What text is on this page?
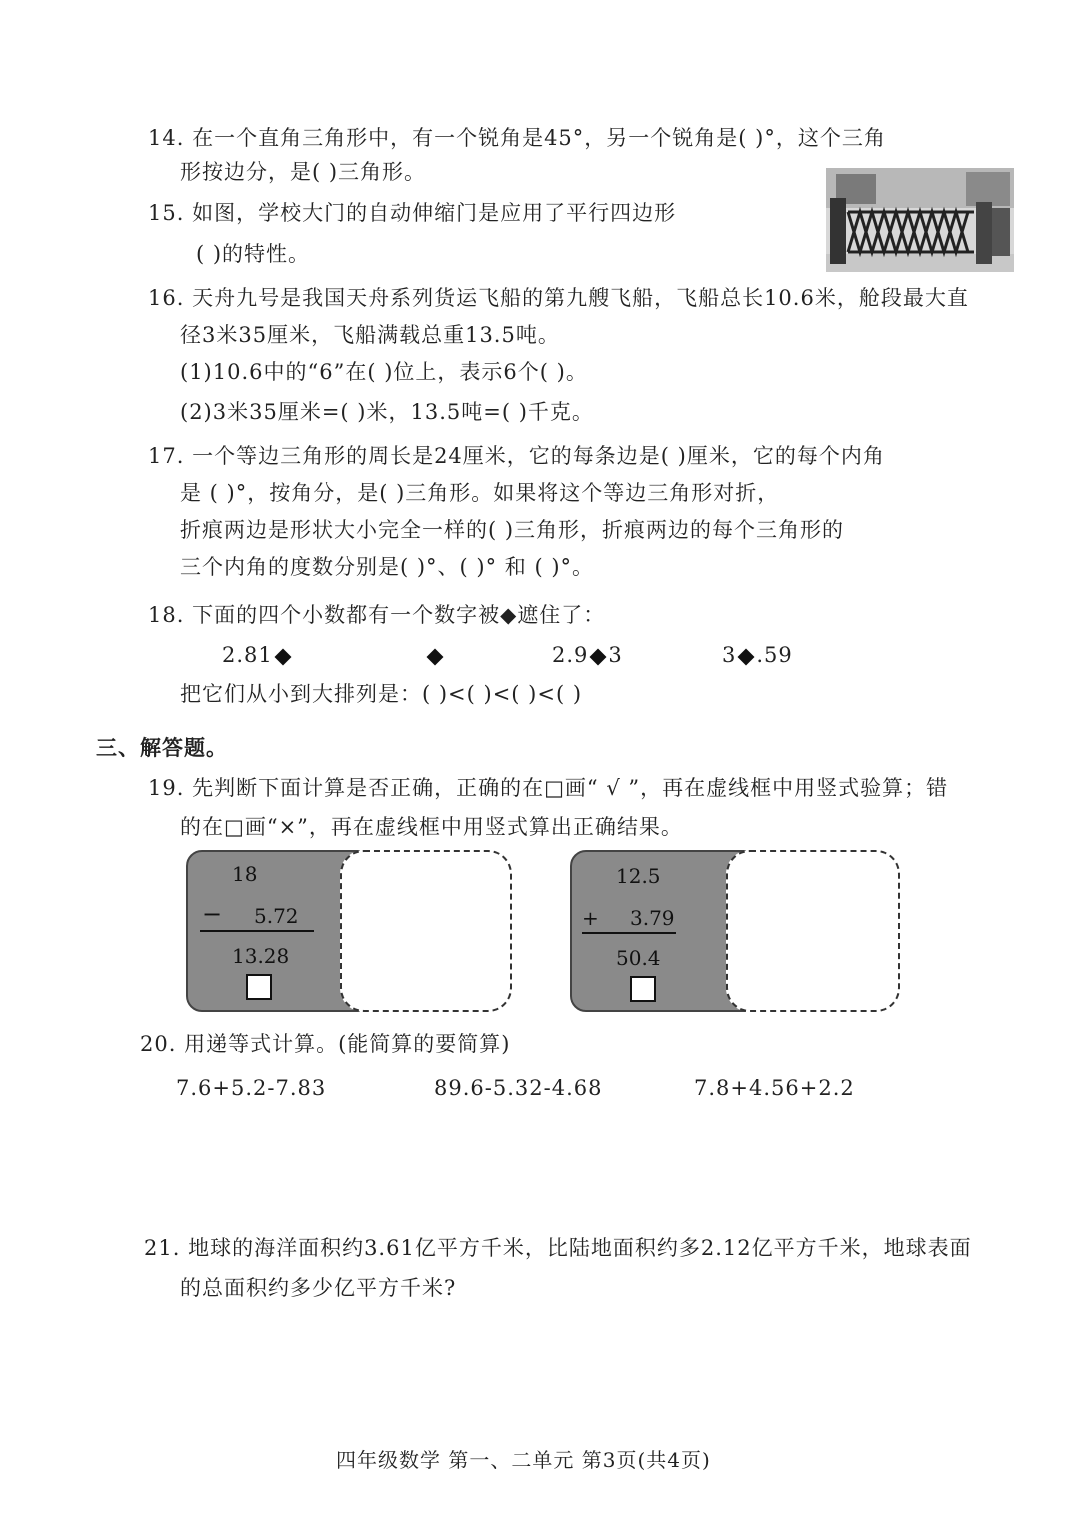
14. 在一个直角三角形中，有一个锐角是45°，另一个锐角是( )°，这个三角
形按边分，是( )三角形。
15. 如图，学校大门的自动伸缩门是应用了平行四边形
( )的特性。
16. 天舟九号是我国天舟系列货运飞船的第九艘飞船，飞船总长10.6米，舱段最大直
径3米35厘米，飞船满载总重13.5吨。
(1)10.6中的“6”在( )位上，表示6个( )。
(2)3米35厘米=( )米，13.5吨=( )千克。
17. 一个等边三角形的周长是24厘米，它的每条边是( )厘米，它的每个内角
是 ( )°，按角分，是( )三角形。如果将这个等边三角形对折，
折痕两边是形状大小完全一样的( )三角形，折痕两边的每个三角形的
三个内角的度数分别是( )°、( )° 和 ( )°。
18. 下面的四个小数都有一个数字被◆遮住了：
2.81	2.9 3	3 .59
把它们从小到大排列是：( )<( )<( )<( )
三、解答题。
19. 先判断下面计算是否正确，正确的在□画“ √ ”，再在虚线框中用竖式验算；错
的在□画“×”，再在虚线框中用竖式算出正确结果。
18
− 5.72
13.28
12.5
+ 3.79
50.4
20. 用递等式计算。(能简算的要简算)
7.6+5.2-7.83	89.6-5.32-4.68	7.8+4.56+2.2
21. 地球的海洋面积约3.61亿平方千米，比陆地面积约多2.12亿平方千米，地球表面
的总面积约多少亿平方千米?
四年级数学 第一、二单元 第3页(共4页)
